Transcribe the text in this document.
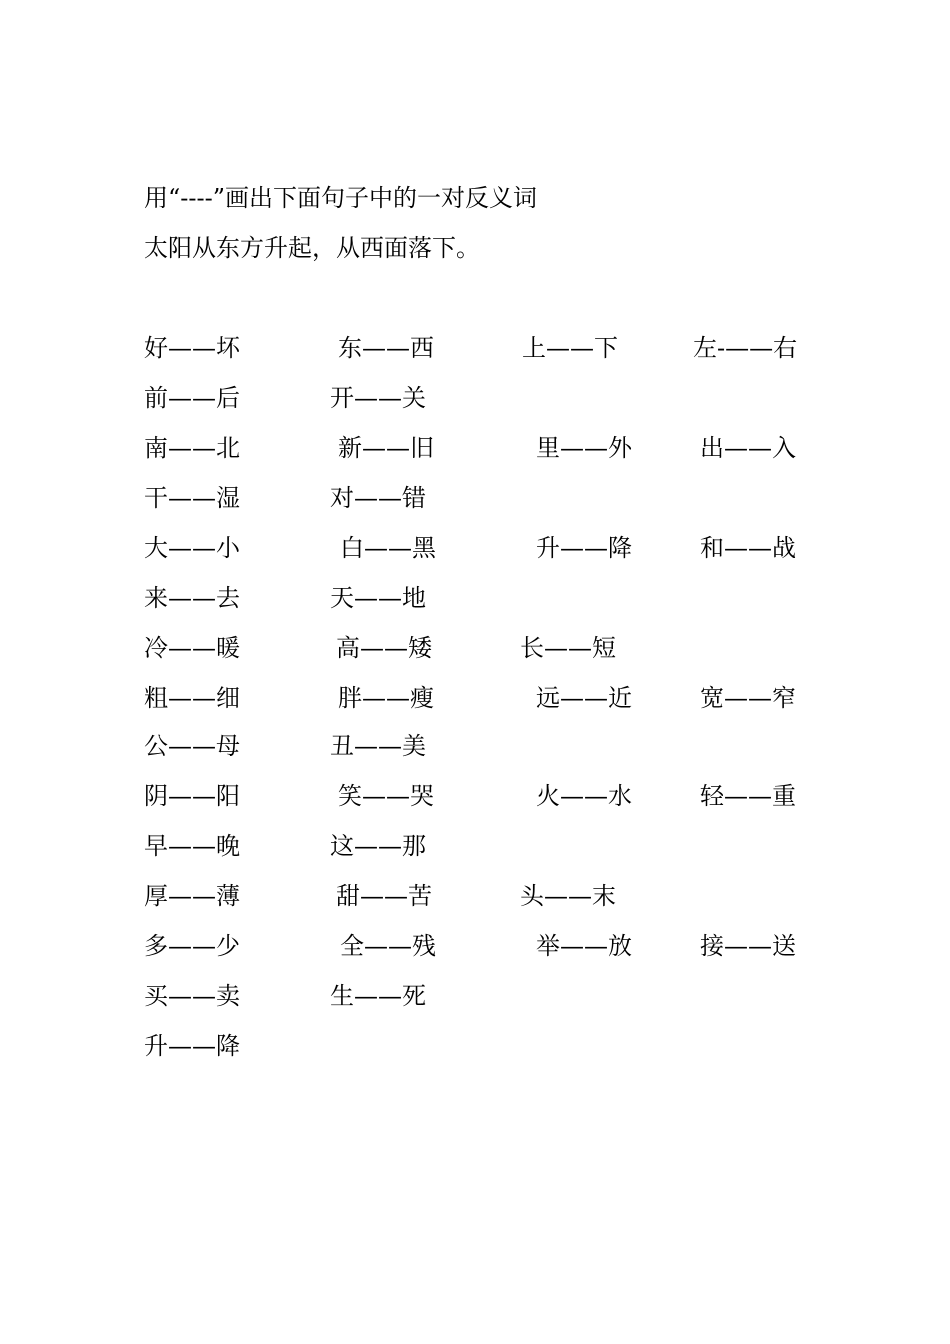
用“----”画出下面句子中的一对反义词
太阳从东方升起，从西面落下。
好——坏	东——西	上——下	左-——右
前——后	开——关
南——北	新——旧	里——外	出——入
干——湿	对——错
大——小	白——黑	升——降	和——战
来——去	天——地
冷——暖	高——矮	长——短
粗——细	胖——瘦	远——近	宽——窄
公——母	丑——美
阴——阳	笑——哭	火——水	轻——重
早——晚	这——那
厚——薄	甜——苦	头——末
多——少	全——残	举——放	接——送
买——卖	生——死
升——降
